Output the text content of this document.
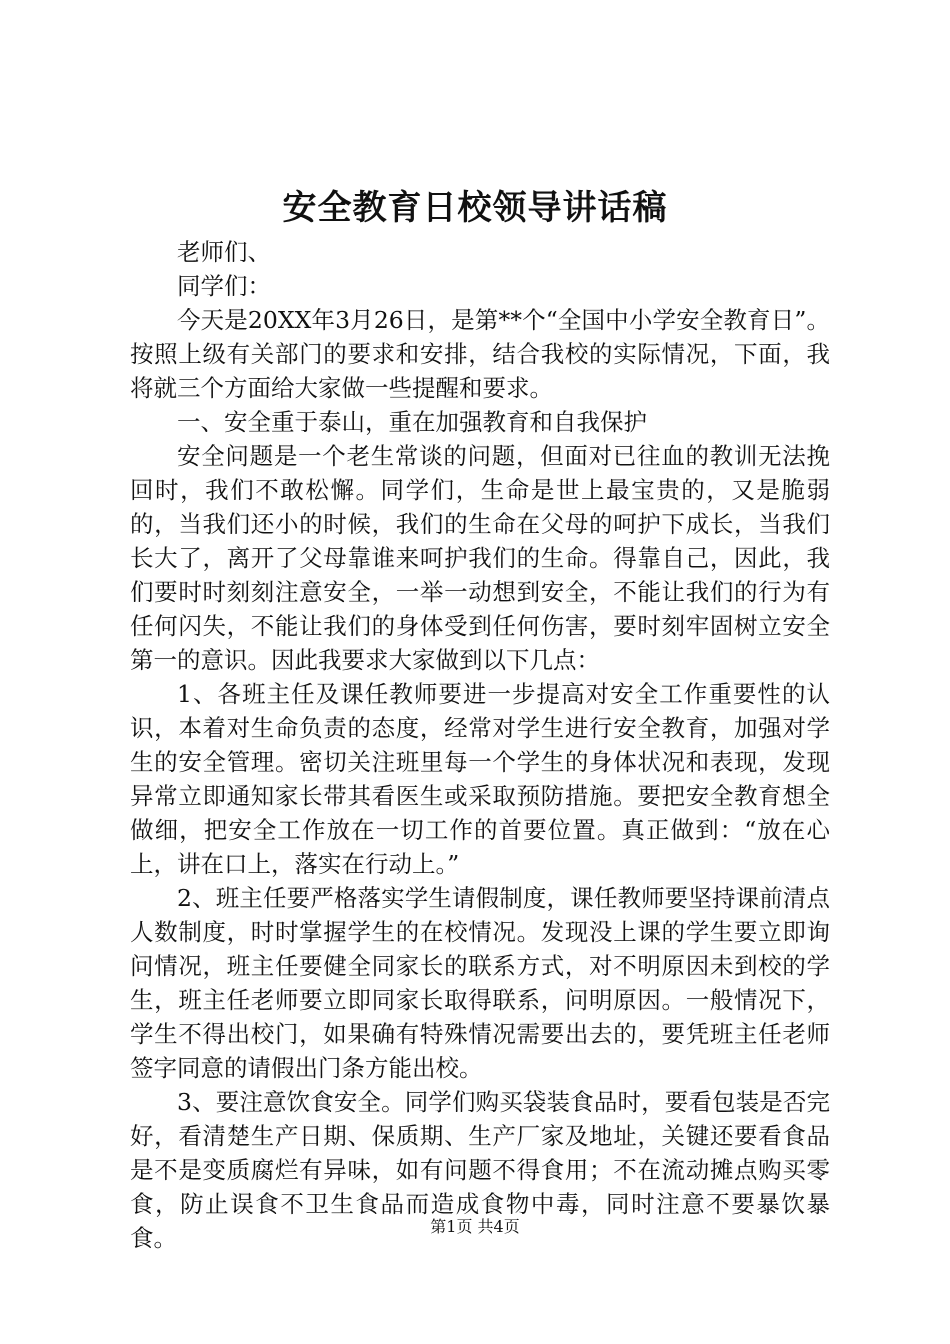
安全教育日校领导讲话稿

老师们、

同学们：

今天是20XX年3月26日，是第**个“全国中小学安全教育日”。按照上级有关部门的要求和安排，结合我校的实际情况，下面，我将就三个方面给大家做一些提醒和要求。

一、安全重于泰山，重在加强教育和自我保护

安全问题是一个老生常谈的问题，但面对已往血的教训无法挽回时，我们不敢松懈。同学们，生命是世上最宝贵的，又是脆弱的，当我们还小的时候，我们的生命在父母的呵护下成长，当我们长大了，离开了父母靠谁来呵护我们的生命。得靠自己，因此，我们要时时刻刻注意安全，一举一动想到安全，不能让我们的行为有任何闪失，不能让我们的身体受到任何伤害，要时刻牢固树立安全第一的意识。因此我要求大家做到以下几点：

1、各班主任及课任教师要进一步提高对安全工作重要性的认识，本着对生命负责的态度，经常对学生进行安全教育，加强对学生的安全管理。密切关注班里每一个学生的身体状况和表现，发现异常立即通知家长带其看医生或采取预防措施。要把安全教育想全做细，把安全工作放在一切工作的首要位置。真正做到：“放在心上，讲在口上，落实在行动上。”

2、班主任要严格落实学生请假制度，课任教师要坚持课前清点人数制度，时时掌握学生的在校情况。发现没上课的学生要立即询问情况，班主任要健全同家长的联系方式，对不明原因未到校的学生，班主任老师要立即同家长取得联系，问明原因。一般情况下，学生不得出校门，如果确有特殊情况需要出去的，要凭班主任老师签字同意的请假出门条方能出校。

3、要注意饮食安全。同学们购买袋装食品时，要看包装是否完好，看清楚生产日期、保质期、生产厂家及地址，关键还要看食品是不是变质腐烂有异味，如有问题不得食用；不在流动摊点购买零食，防止误食不卫生食品而造成食物中毒，同时注意不要暴饮暴食。	第1页 共4页
